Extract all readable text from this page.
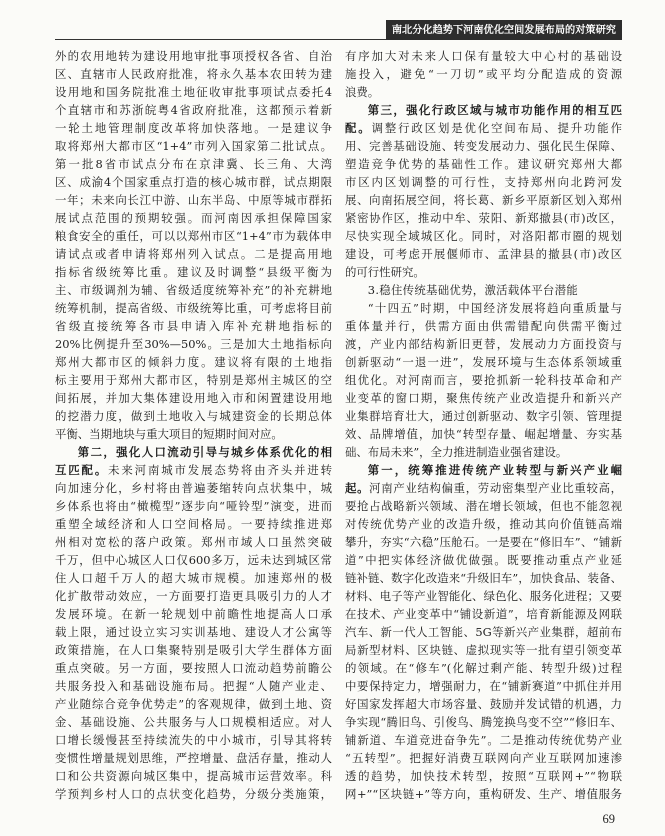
南北分化趋势下河南优化空间发展布局的对策研究
外的农用地转为建设用地审批事项授权各省、自治
区、直辖市人民政府批准，将永久基本农田转为建
设用地和国务院批准土地征收审批事项试点委托4
个直辖市和苏浙皖粤4省政府批准，这都预示着新
一轮土地管理制度改革将加快落地。一是建议争
取将郑州大都市区“1+4”市列入国家第二批试点。
第一批8省市试点分布在京津冀、长三角、大湾
区、成渝4个国家重点打造的核心城市群，试点期限
一年；未来向长江中游、山东半岛、中原等城市群拓
展试点范围的预期较强。而河南因承担保障国家
粮食安全的重任，可以以郑州市区“1+4”市为载体申
请试点或者申请将郑州列入试点。二是提高用地
指标省级统筹比重。建议及时调整“县级平衡为
主、市级调剂为辅、省级适度统筹补充”的补充耕地
统筹机制，提高省级、市级统筹比重，可考虑将目前
省级直接统筹各市县申请入库补充耕地指标的
20%比例提升至30%—50%。三是加大土地指标向
郑州大都市区的倾斜力度。建议将有限的土地指
标主要用于郑州大都市区，特别是郑州主城区的空
间拓展，并加大集体建设用地入市和闲置建设用地
的挖潜力度，做到土地收入与城建资金的长期总体
平衡、当期地块与重大项目的短期时间对应。
第二，强化人口流动引导与城乡体系优化的相
互匹配。未来河南城市发展态势将由齐头并进转
向加速分化，乡村将由普遍萎缩转向点状集中，城
乡体系也将由“橄榄型”逐步向“哑铃型”演变，进而
重塑全域经济和人口空间格局。一要持续推进郑
州相对宽松的落户政策。郑州市域人口虽然突破
千万，但中心城区人口仅600多万，远未达到城区常
住人口超千万人的超大城市规模。加速郑州的极
化扩散带动效应，一方面要打造更具吸引力的人才
发展环境。在新一轮规划中前瞻性地提高人口承
载上限，通过设立实习实训基地、建设人才公寓等
政策措施，在人口集聚特别是吸引大学生群体方面
重点突破。另一方面，要按照人口流动趋势前瞻公
共服务投入和基础设施布局。把握“人随产业走、
产业随综合竞争优势走”的客观规律，做到土地、资
金、基础设施、公共服务与人口规模相适应。对人
口增长缓慢甚至持续流失的中小城市，引导其将转
变惯性增量规划思维，严控增量、盘活存量，推动人
口和公共资源向城区集中，提高城市运营效率。科
学预判乡村人口的点状变化趋势，分级分类施策，
有序加大对未来人口保有量较大中心村的基础设
施投入，避免“一刀切”或平均分配造成的资源
浪费。
第三，强化行政区域与城市功能作用的相互匹
配。调整行政区划是优化空间布局、提升功能作
用、完善基础设施、转变发展动力、强化民生保障、
塑造竞争优势的基础性工作。建议研究郑州大都
市区内区划调整的可行性，支持郑州向北跨河发
展、向南拓展空间，将长葛、新乡平原新区划入郑州
紧密协作区，推动中牟、荥阳、新郑撤县(市)改区，
尽快实现全域城区化。同时，对洛阳都市圈的规划
建设，可考虑开展偃师市、孟津县的撤县(市)改区
的可行性研究。
3.稳住传统基础优势，激活载体平台潜能
“十四五”时期，中国经济发展将趋向重质量与
重体量并行，供需方面由供需错配向供需平衡过
渡，产业内部结构新旧更替，发展动力方面投资与
创新驱动“一退一进”，发展环境与生态体系领域重
组优化。对河南而言，要抢抓新一轮科技革命和产
业变革的窗口期，聚焦传统产业改造提升和新兴产
业集群培育壮大，通过创新驱动、数字引领、管理提
效、品牌增值，加快“转型存量、崛起增量、夯实基
础、布局未来”，全力推进制造业强省建设。
第一，统筹推进传统产业转型与新兴产业崛
起。河南产业结构偏重，劳动密集型产业比重较高，
要抢占战略新兴领域、潜在增长领域，但也不能忽视
对传统优势产业的改造升级，推动其向价值链高端
攀升，夯实“六稳”压舱石。一是要在“修旧车”、“铺新
道”中把实体经济做优做强。既要推动重点产业延
链补链、数字化改造来“升级旧车”，加快食品、装备、
材料、电子等产业智能化、绿色化、服务化进程；又要
在技术、产业变革中“铺设新道”，培育新能源及网联
汽车、新一代人工智能、5G等新兴产业集群，超前布
局新型材料、区块链、虚拟现实等一批有望引领变革
的领域。在“修车”(化解过剩产能、转型升级)过程
中要保持定力，增强耐力，在“铺新赛道”中抓住并用
好国家发挥超大市场容量、鼓励并发试错的机遇，力
争实现“腾旧鸟、引俊鸟、腾笼换鸟变不空”“修旧车、
铺新道、车道竞进奋争先”。二是推动传统优势产业
“五转型”。把握好消费互联网向产业互联网加速渗
透的趋势，加快技术转型，按照“互联网+”“物联
网+”“区块链+”等方向，重构研发、生产、增值服务
69
